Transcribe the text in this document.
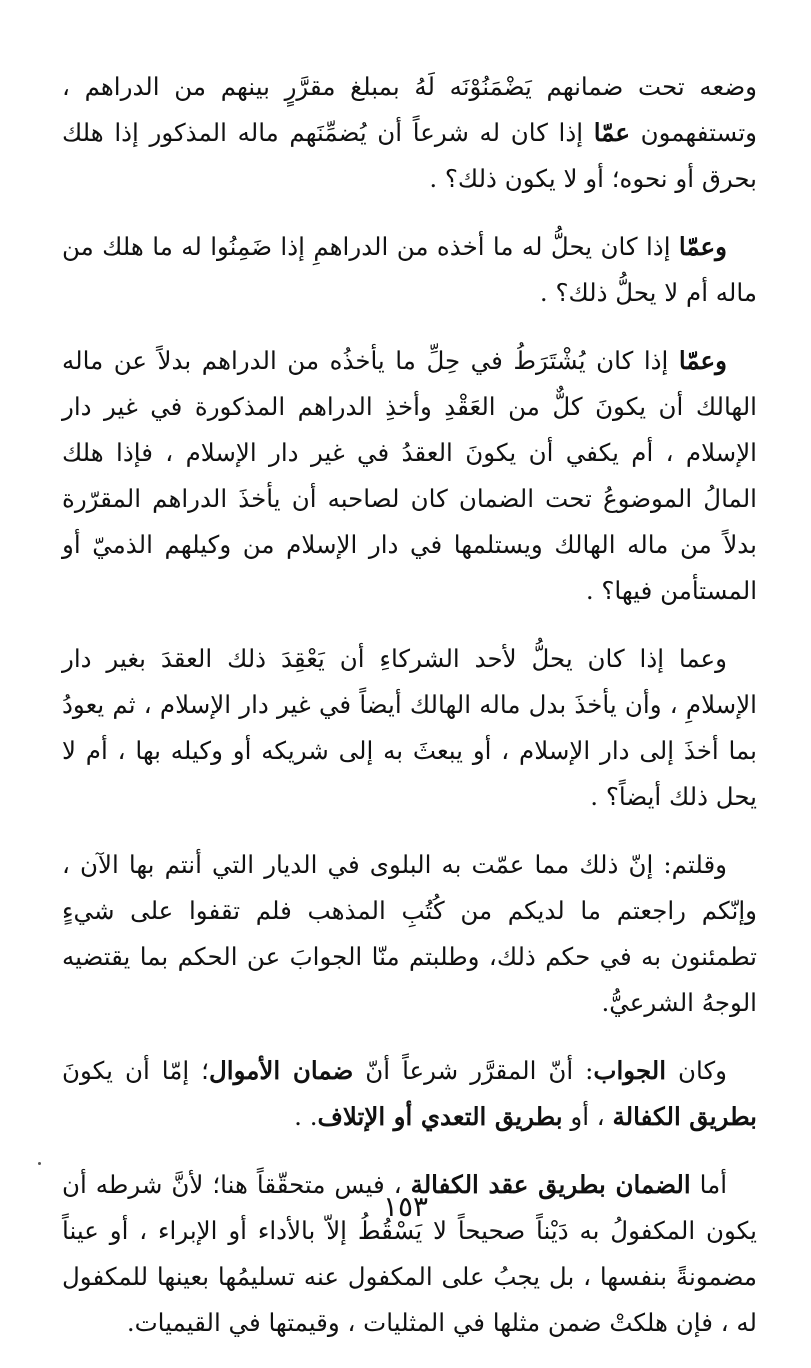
وضعه تحت ضمانهم يَضْمَنُوْنَه لَهُ بمبلغ مقرَّرٍ بينهم من الدراهم ، وتستفهمون عمّا إذا كان له شرعاً أن يُضمِّنَهم ماله المذكور إذا هلك بحرق أو نحوه؛ أو لا يكون ذلك؟ .

وعمّا إذا كان يحلُّ له ما أخذه من الدراهمِ إذا ضَمِنُوا له ما هلك من ماله أم لا يحلُّ ذلك؟ .

وعمّا إذا كان يُشْتَرَطُ في حِلِّ ما يأخذُه من الدراهم بدلاً عن ماله الهالك أن يكونَ كلٌّ من العَقْدِ وأخذِ الدراهم المذكورة في غير دار الإسلام ، أم يكفي أن يكونَ العقدُ في غير دار الإسلام ، فإذا هلك المالُ الموضوعُ تحت الضمان كان لصاحبه أن يأخذَ الدراهم المقرّرة بدلاً من ماله الهالك ويستلمها في دار الإسلام من وكيلهم الذميّ أو المستأمن فيها؟ .

وعما إذا كان يحلُّ لأحد الشركاءِ أن يَعْقِدَ ذلك العقدَ بغير دار الإسلامِ ، وأن يأخذَ بدل ماله الهالك أيضاً في غير دار الإسلام ، ثم يعودُ بما أخذَ إلى دار الإسلام ، أو يبعثَ به إلى شريكه أو وكيله بها ، أم لا يحل ذلك أيضاً؟ .

وقلتم: إنّ ذلك مما عمّت به البلوى في الديار التي أنتم بها الآن ، وإنّكم راجعتم ما لديكم من كُتُبِ المذهب فلم تقفوا على شيءٍ تطمئنون به في حكم ذلك، وطلبتم منّا الجوابَ عن الحكم بما يقتضيه الوجهُ الشرعيُّ.

وكان الجواب: أنّ المقرَّر شرعاً أنّ ضمان الأموال؛ إمّا أن يكونَ بطريق الكفالة ، أو بطريق التعدي أو الإتلاف. .

أما الضمان بطريق عقد الكفالة ، فيس متحقّقاً هنا؛ لأنَّ شرطه أن يكون المكفولُ به دَيْناً صحيحاً لا يَسْقُطُ إلاّ بالأداء أو الإبراء ، أو عيناً مضمونةً بنفسها ، بل يجبُ على المكفول عنه تسليمُها بعينها للمكفول له ، فإن هلكتْ ضمن مثلها في المثليات ، وقيمتها في القيميات.

١٥٣
